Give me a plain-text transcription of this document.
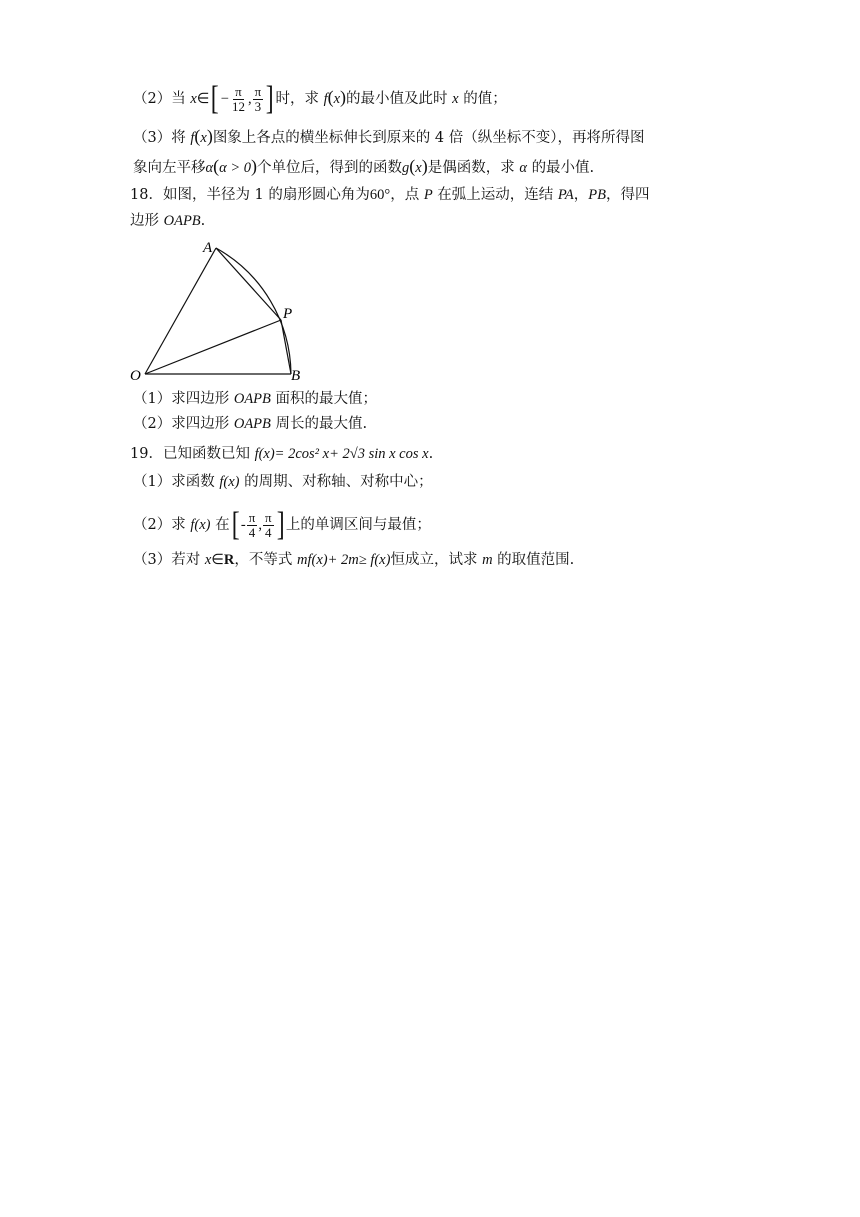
（2）当 x∈[ − $\frac{\pi}{12}$ , $\frac{\pi}{3}$ ] 时，求 f(x)的最小值及此时 x 的值；
（3）将 f(x)图象上各点的横坐标伸长到原来的 4 倍（纵坐标不变），再将所得图
象向左平移α(α > 0)个单位后，得到的函数g(x)是偶函数，求 α 的最小值.
18．如图，半径为 1 的扇形圆心角为60°，点 P 在弧上运动，连结 PA，PB，得四
边形 OAPB.
A
P
O	B
（1）求四边形 OAPB 面积的最大值；
（2）求四边形 OAPB 周长的最大值.
19．已知函数已知 f(x)= 2cos² x+ 2√3 sin x cos x.
（1）求函数 f(x) 的周期、对称轴、对称中心；
（2）求 f(x) 在[ - $\frac{\pi}{4}$ , $\frac{\pi}{4}$ ] 上的单调区间与最值；
（3）若对 x∈R，不等式 mf(x)+ 2m≥ f(x)恒成立，试求 m 的取值范围.
